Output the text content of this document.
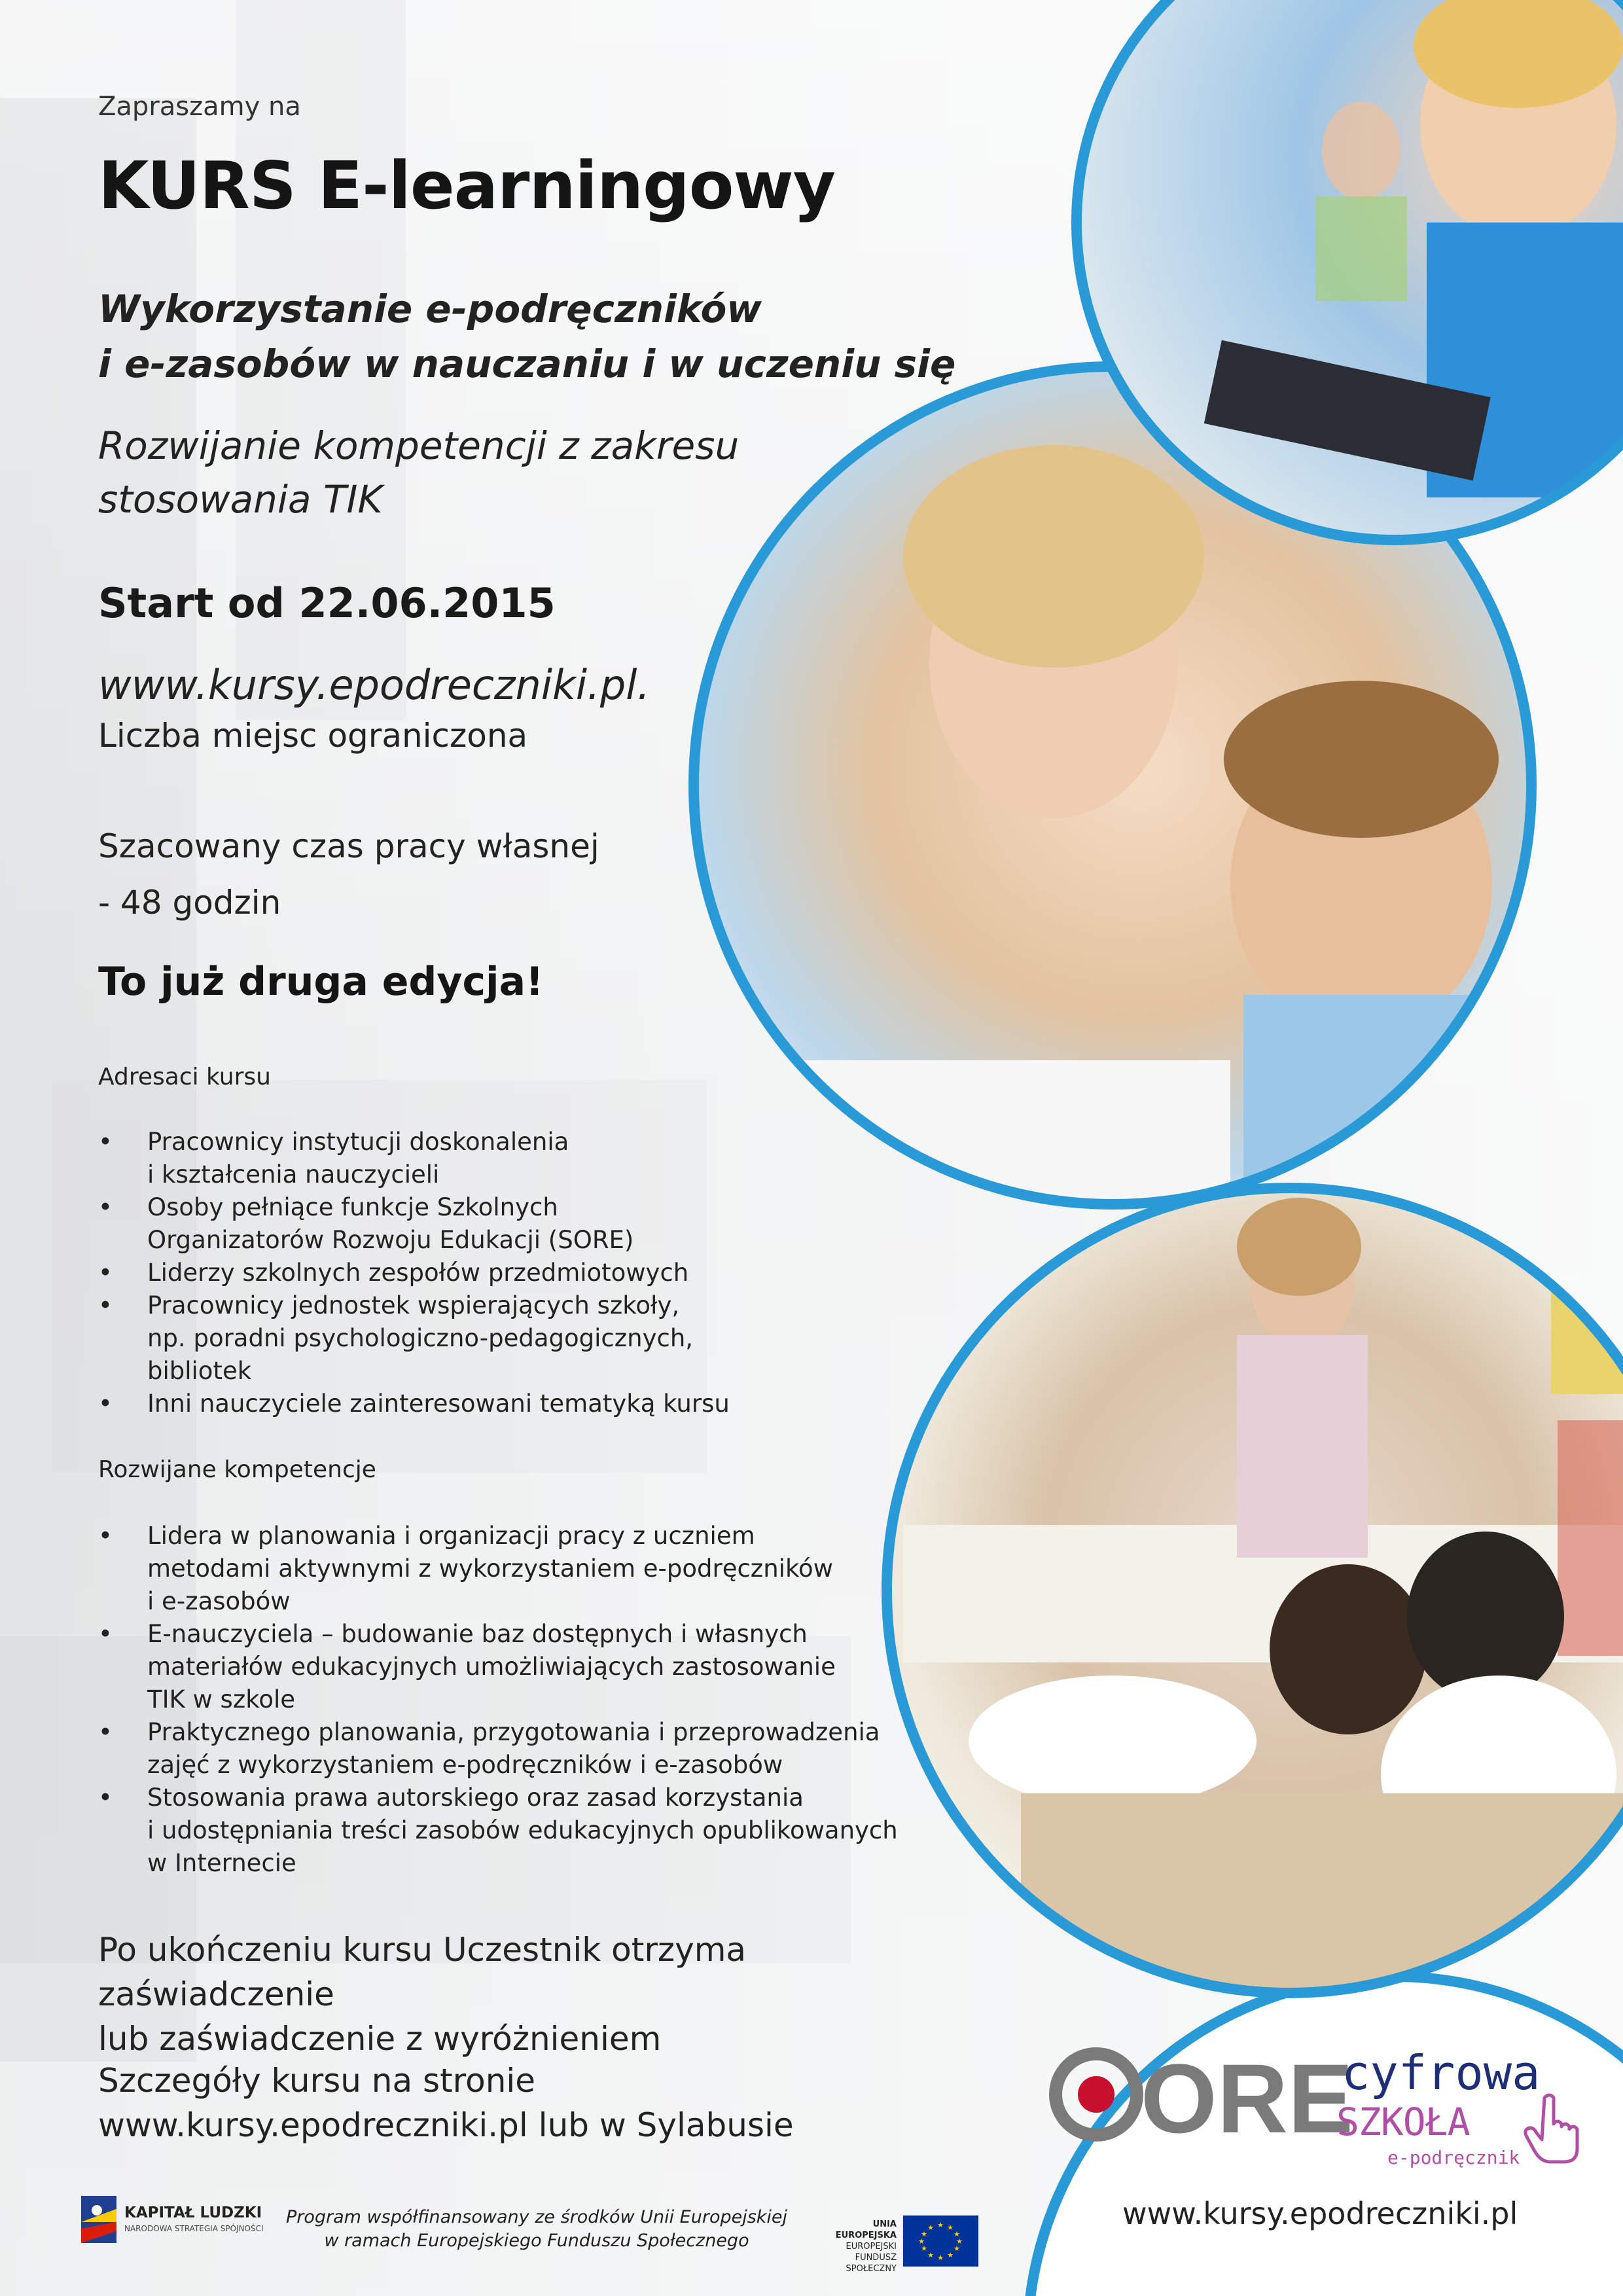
Zapraszamy na
KURS E-learningowy
Wykorzystanie e-podręczników
i e-zasobów w nauczaniu i w uczeniu się
Rozwijanie kompetencji z zakresu
stosowania TIK
Start od 22.06.2015
www.kursy.epodreczniki.pl.
Liczba miejsc ograniczona
Szacowany czas pracy własnej
- 48 godzin
To już druga edycja!
Adresaci kursu
• Pracownicy instytucji doskonalenia
i kształcenia nauczycieli
• Osoby pełniące funkcje Szkolnych
Organizatorów Rozwoju Edukacji (SORE)
• Liderzy szkolnych zespołów przedmiotowych
• Pracownicy jednostek wspierających szkoły,
np. poradni psychologiczno-pedagogicznych,
bibliotek
• Inni nauczyciele zainteresowani tematyką kursu
Rozwijane kompetencje
• Lidera w planowania i organizacji pracy z uczniem
metodami aktywnymi z wykorzystaniem e-podręczników
i e-zasobów
• E-nauczyciela – budowanie baz dostępnych i własnych
materiałów edukacyjnych umożliwiających zastosowanie
TIK w szkole
• Praktycznego planowania, przygotowania i przeprowadzenia
zajęć z wykorzystaniem e-podręczników i e-zasobów
• Stosowania prawa autorskiego oraz zasad korzystania
i udostępniania treści zasobów edukacyjnych opublikowanych
w Internecie
Po ukończeniu kursu Uczestnik otrzyma zaświadczenie
lub zaświadczenie z wyróżnieniem
Szczegóły kursu na stronie
www.kursy.epodreczniki.pl lub w Sylabusie	ORE
cyfrowa
SZKOŁA
e-podręcznik
KAPITAŁ LUDZKI
NARODOWA STRATEGIA SPÓJNOŚCI
Program współfinansowany ze środków Unii Europejskiej
w ramach Europejskiego Funduszu Społecznego
UNIA EUROPEJSKA
EUROPEJSKI
FUNDUSZ SPOŁECZNY
★ ★
★
★
★
★
★
★
★
★
★
★	www.kursy.epodreczniki.pl
